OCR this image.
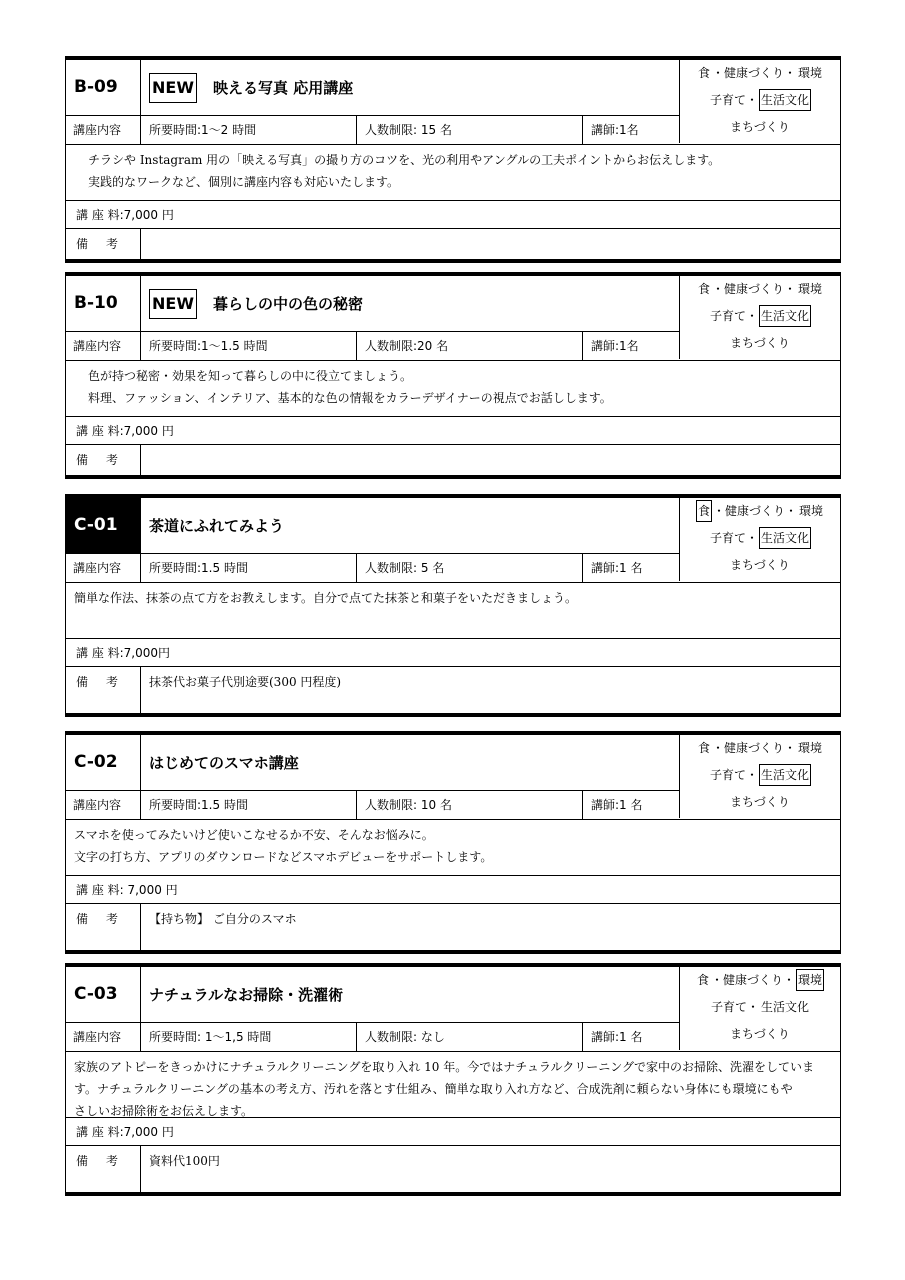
B-09	NEW 映える写真 応用講座
食 ・健康づくり・ 環境
子育て・ 生活文化
まちづくり
講座内容	所要時間:1〜2 時間	人数制限: 15 名	講師:1名
チラシや Instagram 用の「映える写真」の撮り方のコツを、光の利用やアングルの工夫ポイントからお伝えします。
実践的なワークなど、個別に講座内容も対応いたします。
講 座 料:7,000 円
備考
B-10	NEW 暮らしの中の色の秘密
食 ・健康づくり・ 環境
子育て・ 生活文化
まちづくり
講座内容	所要時間:1〜1.5 時間	人数制限:20 名	講師:1名
色が持つ秘密・効果を知って暮らしの中に役立てましょう。
料理、ファッション、インテリア、基本的な色の情報をカラーデザイナーの視点でお話しします。
講 座 料:7,000 円
備考
C-01	茶道にふれてみよう
食 ・健康づくり・ 環境
子育て・ 生活文化
まちづくり
講座内容	所要時間:1.5 時間	人数制限: 5 名	講師:1 名
簡単な作法、抹茶の点て方をお教えします。自分で点てた抹茶と和菓子をいただきましょう。
講 座 料:7,000円
備考	抹茶代お菓子代別途要(300 円程度)
C-02	はじめてのスマホ講座
食 ・健康づくり・ 環境
子育て・ 生活文化
まちづくり
講座内容	所要時間:1.5 時間	人数制限: 10 名	講師:1 名
スマホを使ってみたいけど使いこなせるか不安、そんなお悩みに。
文字の打ち方、アプリのダウンロードなどスマホデビューをサポートします。
講 座 料: 7,000 円
備考	【持ち物】 ご自分のスマホ
C-03	ナチュラルなお掃除・洗濯術
食 ・健康づくり・ 環境
子育て・ 生活文化
まちづくり
講座内容	所要時間: 1〜1,5 時間	人数制限: なし	講師:1 名
家族のアトピーをきっかけにナチュラルクリーニングを取り入れ 10 年。今ではナチュラルクリーニングで家中のお掃除、洗濯をしていま
す。ナチュラルクリーニングの基本の考え方、汚れを落とす仕組み、簡単な取り入れ方など、合成洗剤に頼らない身体にも環境にもや
さしいお掃除術をお伝えします。
講 座 料:7,000 円
備考	資料代100円
